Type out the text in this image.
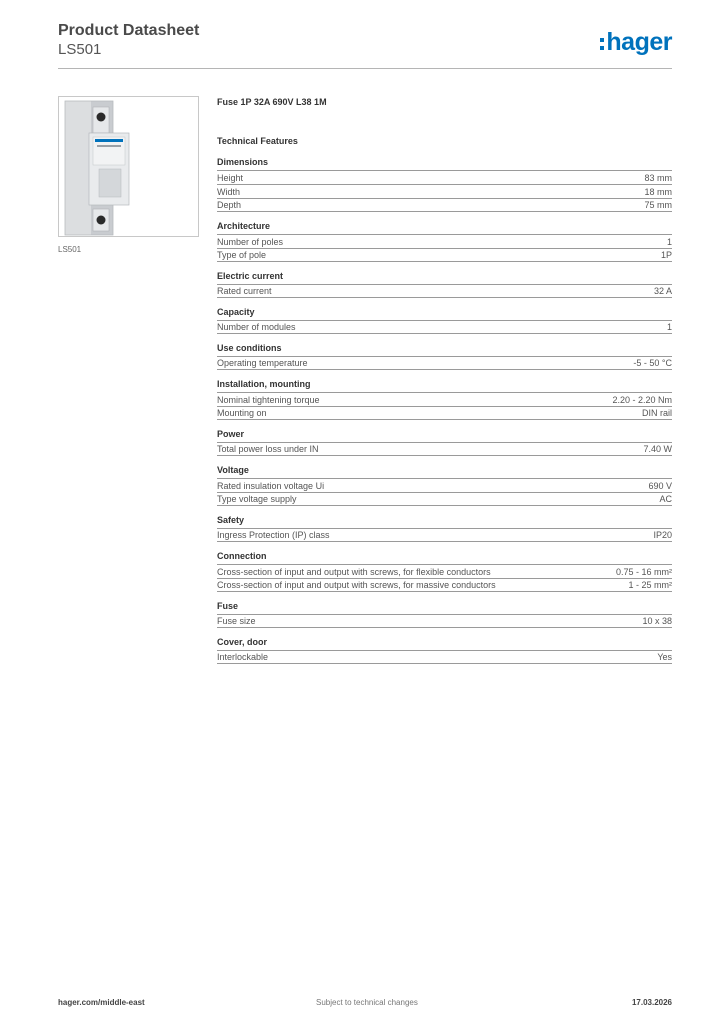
Product Datasheet
LS501	hager
LS501
Fuse 1P 32A 690V L38 1M
Technical Features
Dimensions
Height	83 mm
Width	18 mm
Depth	75 mm
Architecture
Number of poles	1
Type of pole	1P
Electric current
Rated current	32 A
Capacity
Number of modules	1
Use conditions
Operating temperature	-5 - 50 °C
Installation, mounting
Nominal tightening torque	2.20 - 2.20 Nm
Mounting on	DIN rail
Power
Total power loss under IN	7.40 W
Voltage
Rated insulation voltage Ui	690 V
Type voltage supply	AC
Safety
Ingress Protection (IP) class	IP20
Connection
Cross-section of input and output with screws, for flexible conductors	0.75 - 16 mm²
Cross-section of input and output with screws, for massive conductors	1 - 25 mm²
Fuse
Fuse size	10 x 38
Cover, door
Interlockable	Yes
hager.com/middle-east	Subject to technical changes	17.03.2026
